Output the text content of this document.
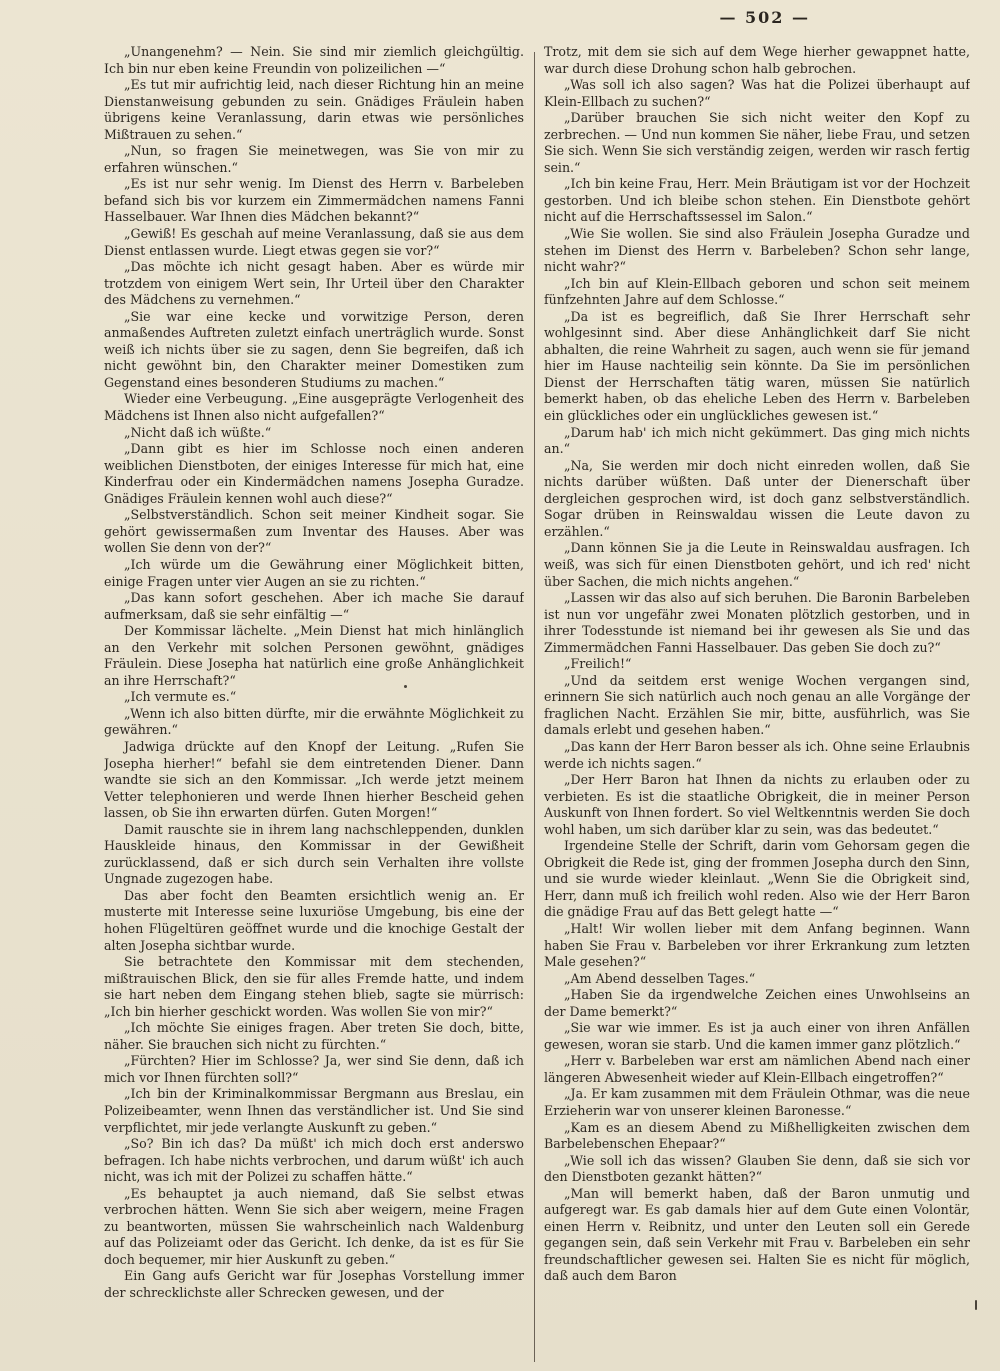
— 502 —

„Unangenehm? — Nein. Sie sind mir ziemlich gleichgültig. Ich bin nur eben keine Freundin von polizeilichen —“

„Es tut mir aufrichtig leid, nach dieser Richtung hin an meine Dienstanweisung gebunden zu sein. Gnädiges Fräulein haben übrigens keine Veranlassung, darin etwas wie persönliches Mißtrauen zu sehen.“

„Nun, so fragen Sie meinetwegen, was Sie von mir zu erfahren wünschen.“

„Es ist nur sehr wenig. Im Dienst des Herrn v. Barbeleben befand sich bis vor kurzem ein Zimmermädchen namens Fanni Hasselbauer. War Ihnen dies Mädchen bekannt?“

„Gewiß! Es geschah auf meine Veranlassung, daß sie aus dem Dienst entlassen wurde. Liegt etwas gegen sie vor?“

„Das möchte ich nicht gesagt haben. Aber es würde mir trotzdem von einigem Wert sein, Ihr Urteil über den Charakter des Mädchens zu vernehmen.“

„Sie war eine kecke und vorwitzige Person, deren anmaßendes Auftreten zuletzt einfach unerträglich wurde. Sonst weiß ich nichts über sie zu sagen, denn Sie begreifen, daß ich nicht gewöhnt bin, den Charakter meiner Domestiken zum Gegenstand eines besonderen Studiums zu machen.“

Wieder eine Verbeugung. „Eine ausgeprägte Verlogenheit des Mädchens ist Ihnen also nicht aufgefallen?“

„Nicht daß ich wüßte.“

„Dann gibt es hier im Schlosse noch einen anderen weiblichen Dienstboten, der einiges Interesse für mich hat, eine Kinderfrau oder ein Kindermädchen namens Josepha Guradze. Gnädiges Fräulein kennen wohl auch diese?“

„Selbstverständlich. Schon seit meiner Kindheit sogar. Sie gehört gewissermaßen zum Inventar des Hauses. Aber was wollen Sie denn von der?“

„Ich würde um die Gewährung einer Möglichkeit bitten, einige Fragen unter vier Augen an sie zu richten.“

„Das kann sofort geschehen. Aber ich mache Sie darauf aufmerksam, daß sie sehr einfältig —“

Der Kommissar lächelte. „Mein Dienst hat mich hinlänglich an den Verkehr mit solchen Personen gewöhnt, gnädiges Fräulein. Diese Josepha hat natürlich eine große Anhänglichkeit an ihre Herrschaft?“

„Ich vermute es.“

„Wenn ich also bitten dürfte, mir die erwähnte Möglichkeit zu gewähren.“

Jadwiga drückte auf den Knopf der Leitung. „Rufen Sie Josepha hierher!“ befahl sie dem eintretenden Diener. Dann wandte sie sich an den Kommissar. „Ich werde jetzt meinem Vetter telephonieren und werde Ihnen hierher Bescheid gehen lassen, ob Sie ihn erwarten dürfen. Guten Morgen!“

Damit rauschte sie in ihrem lang nachschleppenden, dunklen Hauskleide hinaus, den Kommissar in der Gewißheit zurücklassend, daß er sich durch sein Verhalten ihre vollste Ungnade zugezogen habe.

Das aber focht den Beamten ersichtlich wenig an. Er musterte mit Interesse seine luxuriöse Umgebung, bis eine der hohen Flügeltüren geöffnet wurde und die knochige Gestalt der alten Josepha sichtbar wurde.

Sie betrachtete den Kommissar mit dem stechenden, mißtrauischen Blick, den sie für alles Fremde hatte, und indem sie hart neben dem Eingang stehen blieb, sagte sie mürrisch: „Ich bin hierher geschickt worden. Was wollen Sie von mir?“

„Ich möchte Sie einiges fragen. Aber treten Sie doch, bitte, näher. Sie brauchen sich nicht zu fürchten.“

„Fürchten? Hier im Schlosse? Ja, wer sind Sie denn, daß ich mich vor Ihnen fürchten soll?“

„Ich bin der Kriminalkommissar Bergmann aus Breslau, ein Polizeibeamter, wenn Ihnen das verständlicher ist. Und Sie sind verpflichtet, mir jede verlangte Auskunft zu geben.“

„So? Bin ich das? Da müßt' ich mich doch erst anderswo befragen. Ich habe nichts verbrochen, und darum wüßt' ich auch nicht, was ich mit der Polizei zu schaffen hätte.“

„Es behauptet ja auch niemand, daß Sie selbst etwas verbrochen hätten. Wenn Sie sich aber weigern, meine Fragen zu beantworten, müssen Sie wahrscheinlich nach Waldenburg auf das Polizeiamt oder das Gericht. Ich denke, da ist es für Sie doch bequemer, mir hier Auskunft zu geben.“

Ein Gang aufs Gericht war für Josephas Vorstellung immer der schrecklichste aller Schrecken gewesen, und der

Trotz, mit dem sie sich auf dem Wege hierher gewappnet hatte, war durch diese Drohung schon halb gebrochen.

„Was soll ich also sagen? Was hat die Polizei überhaupt auf Klein-Ellbach zu suchen?“

„Darüber brauchen Sie sich nicht weiter den Kopf zu zerbrechen. — Und nun kommen Sie näher, liebe Frau, und setzen Sie sich. Wenn Sie sich verständig zeigen, werden wir rasch fertig sein.“

„Ich bin keine Frau, Herr. Mein Bräutigam ist vor der Hochzeit gestorben. Und ich bleibe schon stehen. Ein Dienstbote gehört nicht auf die Herrschaftssessel im Salon.“

„Wie Sie wollen. Sie sind also Fräulein Josepha Guradze und stehen im Dienst des Herrn v. Barbeleben? Schon sehr lange, nicht wahr?“

„Ich bin auf Klein-Ellbach geboren und schon seit meinem fünfzehnten Jahre auf dem Schlosse.“

„Da ist es begreiflich, daß Sie Ihrer Herrschaft sehr wohlgesinnt sind. Aber diese Anhänglichkeit darf Sie nicht abhalten, die reine Wahrheit zu sagen, auch wenn sie für jemand hier im Hause nachteilig sein könnte. Da Sie im persönlichen Dienst der Herrschaften tätig waren, müssen Sie natürlich bemerkt haben, ob das eheliche Leben des Herrn v. Barbeleben ein glückliches oder ein unglückliches gewesen ist.“

„Darum hab' ich mich nicht gekümmert. Das ging mich nichts an.“

„Na, Sie werden mir doch nicht einreden wollen, daß Sie nichts darüber wüßten. Daß unter der Dienerschaft über dergleichen gesprochen wird, ist doch ganz selbstverständlich. Sogar drüben in Reinswaldau wissen die Leute davon zu erzählen.“

„Dann können Sie ja die Leute in Reinswaldau ausfragen. Ich weiß, was sich für einen Dienstboten gehört, und ich red' nicht über Sachen, die mich nichts angehen.“

„Lassen wir das also auf sich beruhen. Die Baronin Barbeleben ist nun vor ungefähr zwei Monaten plötzlich gestorben, und in ihrer Todesstunde ist niemand bei ihr gewesen als Sie und das Zimmermädchen Fanni Hasselbauer. Das geben Sie doch zu?“

„Freilich!“

„Und da seitdem erst wenige Wochen vergangen sind, erinnern Sie sich natürlich auch noch genau an alle Vorgänge der fraglichen Nacht. Erzählen Sie mir, bitte, ausführlich, was Sie damals erlebt und gesehen haben.“

„Das kann der Herr Baron besser als ich. Ohne seine Erlaubnis werde ich nichts sagen.“

„Der Herr Baron hat Ihnen da nichts zu erlauben oder zu verbieten. Es ist die staatliche Obrigkeit, die in meiner Person Auskunft von Ihnen fordert. So viel Weltkenntnis werden Sie doch wohl haben, um sich darüber klar zu sein, was das bedeutet.“

Irgendeine Stelle der Schrift, darin vom Gehorsam gegen die Obrigkeit die Rede ist, ging der frommen Josepha durch den Sinn, und sie wurde wieder kleinlaut. „Wenn Sie die Obrigkeit sind, Herr, dann muß ich freilich wohl reden. Also wie der Herr Baron die gnädige Frau auf das Bett gelegt hatte —“

„Halt! Wir wollen lieber mit dem Anfang beginnen. Wann haben Sie Frau v. Barbeleben vor ihrer Erkrankung zum letzten Male gesehen?“

„Am Abend desselben Tages.“

„Haben Sie da irgendwelche Zeichen eines Unwohlseins an der Dame bemerkt?“

„Sie war wie immer. Es ist ja auch einer von ihren Anfällen gewesen, woran sie starb. Und die kamen immer ganz plötzlich.“

„Herr v. Barbeleben war erst am nämlichen Abend nach einer längeren Abwesenheit wieder auf Klein-Ellbach eingetroffen?“

„Ja. Er kam zusammen mit dem Fräulein Othmar, was die neue Erzieherin war von unserer kleinen Baronesse.“

„Kam es an diesem Abend zu Mißhelligkeiten zwischen dem Barbelebenschen Ehepaar?“

„Wie soll ich das wissen? Glauben Sie denn, daß sie sich vor den Dienstboten gezankt hätten?“

„Man will bemerkt haben, daß der Baron unmutig und aufgeregt war. Es gab damals hier auf dem Gute einen Volontär, einen Herrn v. Reibnitz, und unter den Leuten soll ein Gerede gegangen sein, daß sein Verkehr mit Frau v. Barbeleben ein sehr freundschaftlicher gewesen sei. Halten Sie es nicht für möglich, daß auch dem Baron
